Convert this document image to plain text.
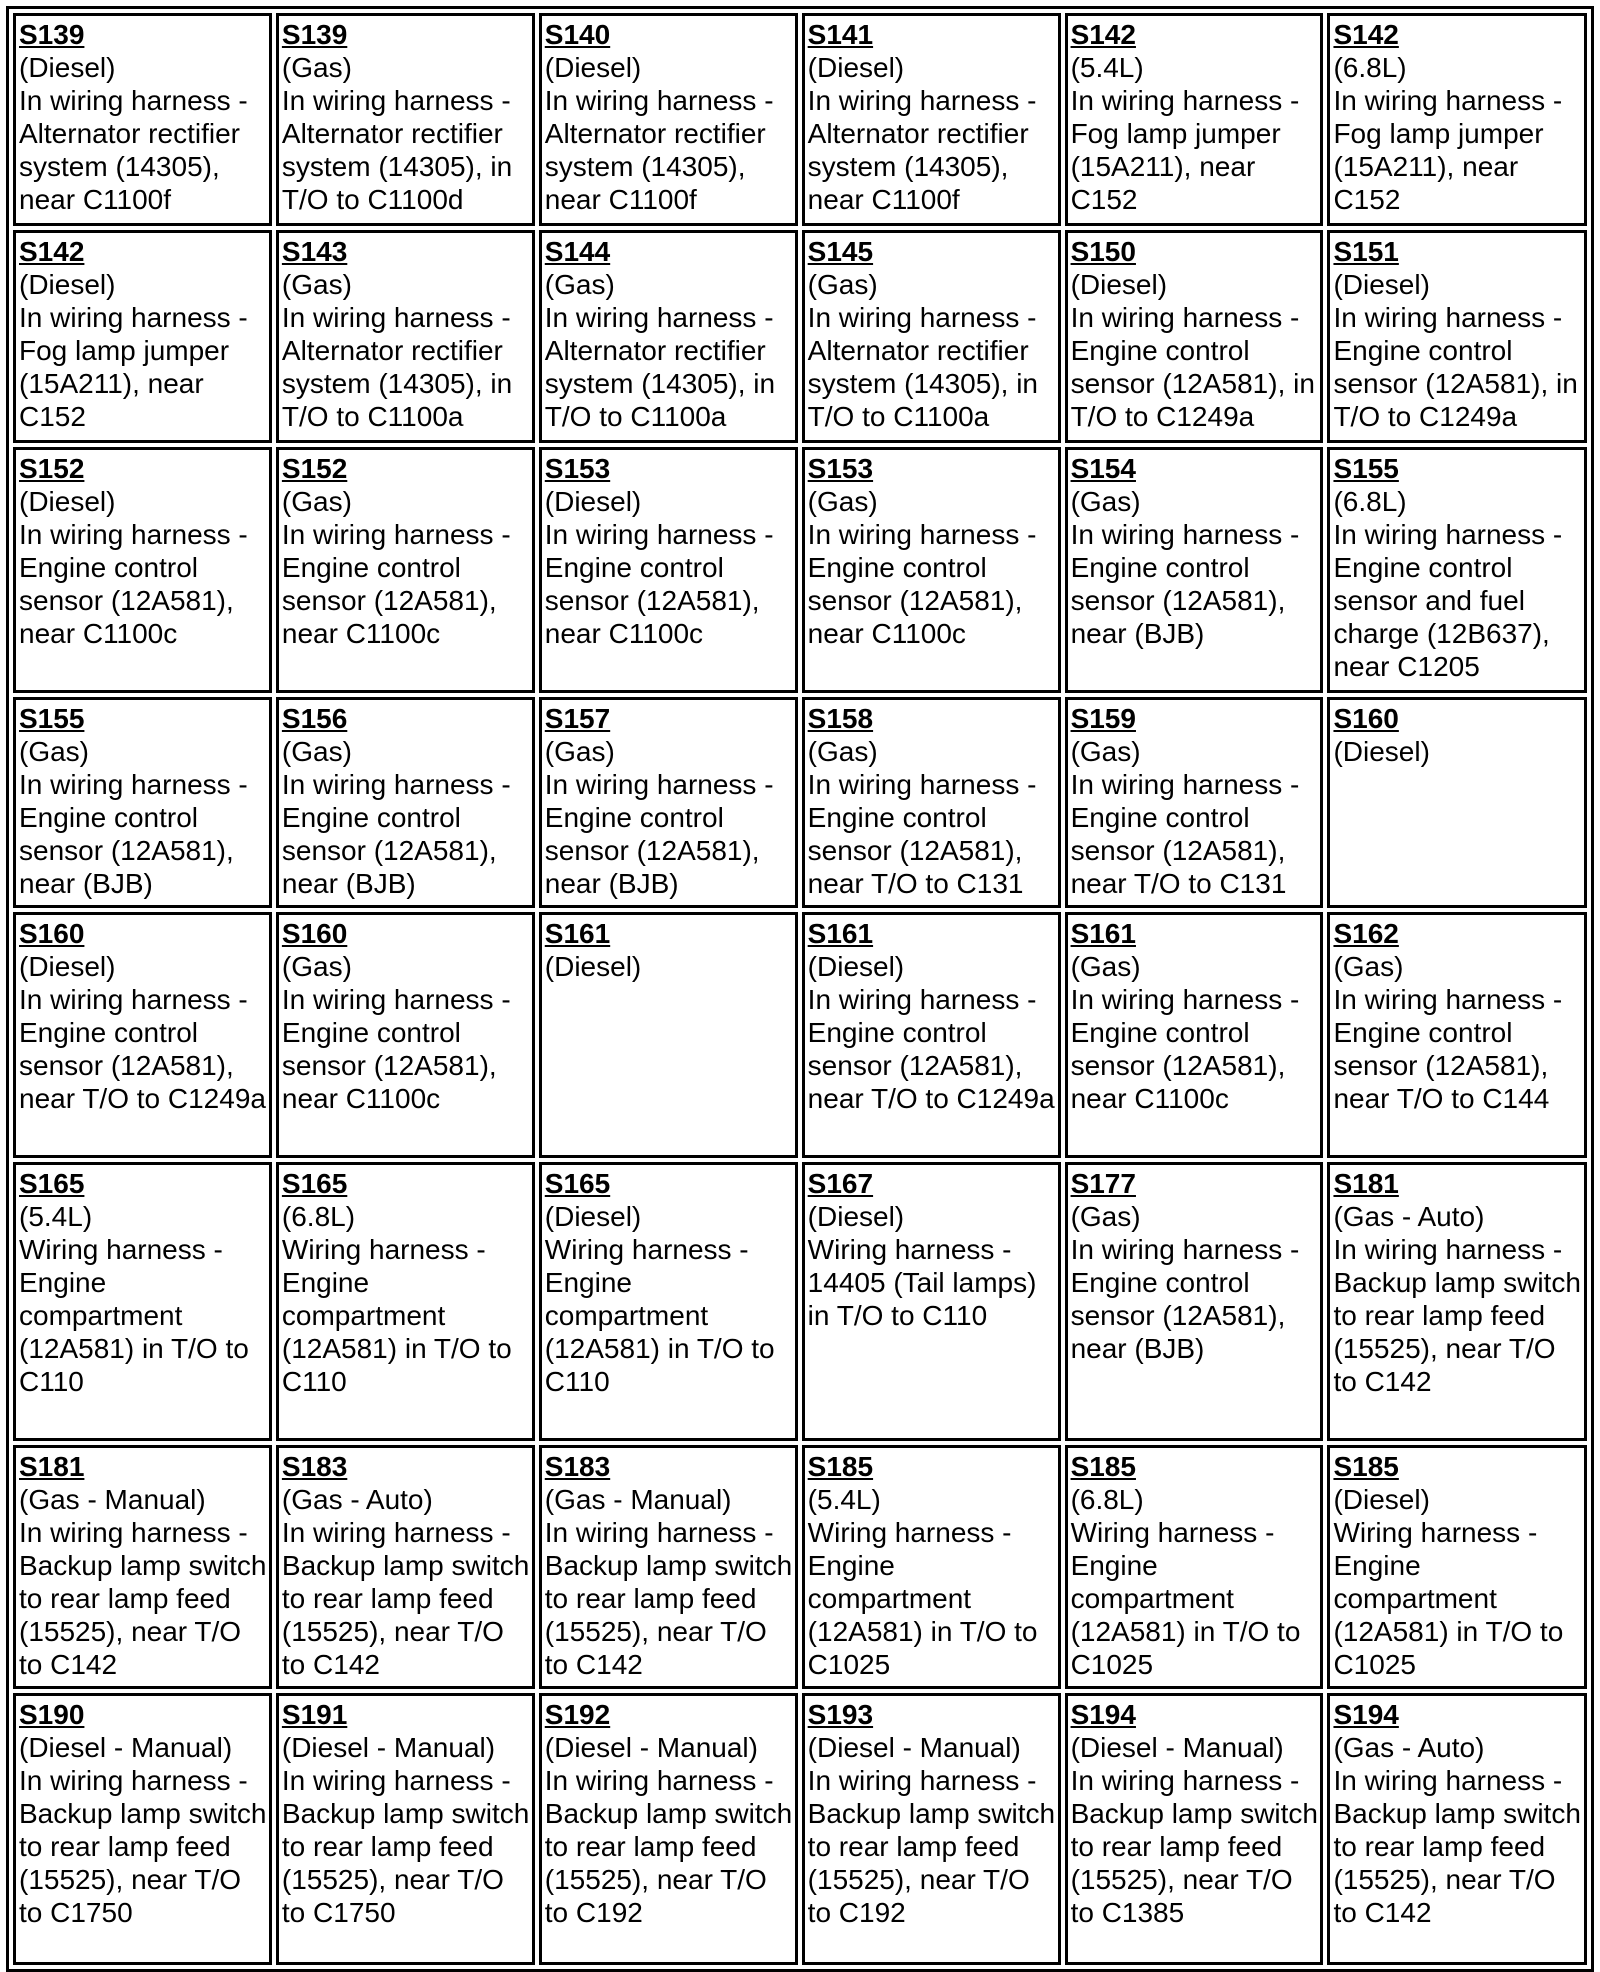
S139
(Diesel)
In wiring harness - Alternator rectifier system (14305), near C1100f	S139
(Gas)
In wiring harness - Alternator rectifier system (14305), in T/O to C1100d	S140
(Diesel)
In wiring harness - Alternator rectifier system (14305), near C1100f	S141
(Diesel)
In wiring harness - Alternator rectifier system (14305), near C1100f	S142
(5.4L)
In wiring harness - Fog lamp jumper (15A211), near C152	S142
(6.8L)
In wiring harness - Fog lamp jumper (15A211), near C152

S142
(Diesel)
In wiring harness - Fog lamp jumper (15A211), near C152	S143
(Gas)
In wiring harness - Alternator rectifier system (14305), in T/O to C1100a	S144
(Gas)
In wiring harness - Alternator rectifier system (14305), in T/O to C1100a	S145
(Gas)
In wiring harness - Alternator rectifier system (14305), in T/O to C1100a	S150
(Diesel)
In wiring harness - Engine control sensor (12A581), in T/O to C1249a	S151
(Diesel)
In wiring harness - Engine control sensor (12A581), in T/O to C1249a

S152
(Diesel)
In wiring harness - Engine control sensor (12A581), near C1100c	S152
(Gas)
In wiring harness - Engine control sensor (12A581), near C1100c	S153
(Diesel)
In wiring harness - Engine control sensor (12A581), near C1100c	S153
(Gas)
In wiring harness - Engine control sensor (12A581), near C1100c	S154
(Gas)
In wiring harness - Engine control sensor (12A581), near (BJB)	S155
(6.8L)
In wiring harness - Engine control sensor and fuel charge (12B637), near C1205

S155
(Gas)
In wiring harness - Engine control sensor (12A581), near (BJB)	S156
(Gas)
In wiring harness - Engine control sensor (12A581), near (BJB)	S157
(Gas)
In wiring harness - Engine control sensor (12A581), near (BJB)	S158
(Gas)
In wiring harness - Engine control sensor (12A581), near T/O to C131	S159
(Gas)
In wiring harness - Engine control sensor (12A581), near T/O to C131	S160
(Diesel)

S160
(Diesel)
In wiring harness - Engine control sensor (12A581), near T/O to C1249a	S160
(Gas)
In wiring harness - Engine control sensor (12A581), near C1100c	S161
(Diesel)	S161
(Diesel)
In wiring harness - Engine control sensor (12A581), near T/O to C1249a	S161
(Gas)
In wiring harness - Engine control sensor (12A581), near C1100c	S162
(Gas)
In wiring harness - Engine control sensor (12A581), near T/O to C144

S165
(5.4L)
Wiring harness - Engine compartment (12A581) in T/O to C110	S165
(6.8L)
Wiring harness - Engine compartment (12A581) in T/O to C110	S165
(Diesel)
Wiring harness - Engine compartment (12A581) in T/O to C110	S167
(Diesel)
Wiring harness - 14405 (Tail lamps) in T/O to C110	S177
(Gas)
In wiring harness - Engine control sensor (12A581), near (BJB)	S181
(Gas - Auto)
In wiring harness - Backup lamp switch to rear lamp feed (15525), near T/O to C142

S181
(Gas - Manual)
In wiring harness - Backup lamp switch to rear lamp feed (15525), near T/O to C142	S183
(Gas - Auto)
In wiring harness - Backup lamp switch to rear lamp feed (15525), near T/O to C142	S183
(Gas - Manual)
In wiring harness - Backup lamp switch to rear lamp feed (15525), near T/O to C142	S185
(5.4L)
Wiring harness - Engine compartment (12A581) in T/O to C1025	S185
(6.8L)
Wiring harness - Engine compartment (12A581) in T/O to C1025	S185
(Diesel)
Wiring harness - Engine compartment (12A581) in T/O to C1025

S190
(Diesel - Manual)
In wiring harness - Backup lamp switch to rear lamp feed (15525), near T/O to C1750	S191
(Diesel - Manual)
In wiring harness - Backup lamp switch to rear lamp feed (15525), near T/O to C1750	S192
(Diesel - Manual)
In wiring harness - Backup lamp switch to rear lamp feed (15525), near T/O to C192	S193
(Diesel - Manual)
In wiring harness - Backup lamp switch to rear lamp feed (15525), near T/O to C192	S194
(Diesel - Manual)
In wiring harness - Backup lamp switch to rear lamp feed (15525), near T/O to C1385	S194
(Gas - Auto)
In wiring harness - Backup lamp switch to rear lamp feed (15525), near T/O to C142
